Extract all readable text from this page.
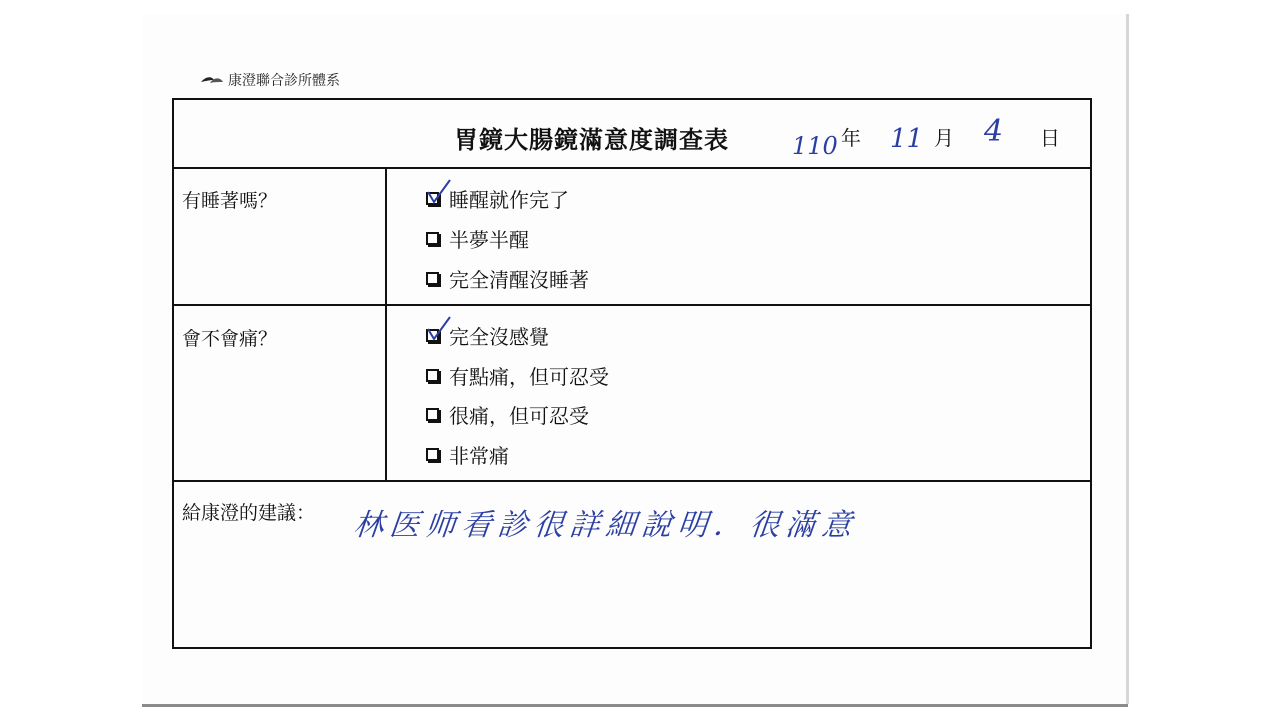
康澄聯合診所體系
胃鏡大腸鏡滿意度調查表	110 年 11 月 4 日
有睡著嗎？	睡醒就作完了
半夢半醒
完全清醒沒睡著
會不會痛？	完全沒感覺
有點痛，但可忍受
很痛，但可忍受
非常痛
給康澄的建議： 林医师看診很詳細說明．很滿意
